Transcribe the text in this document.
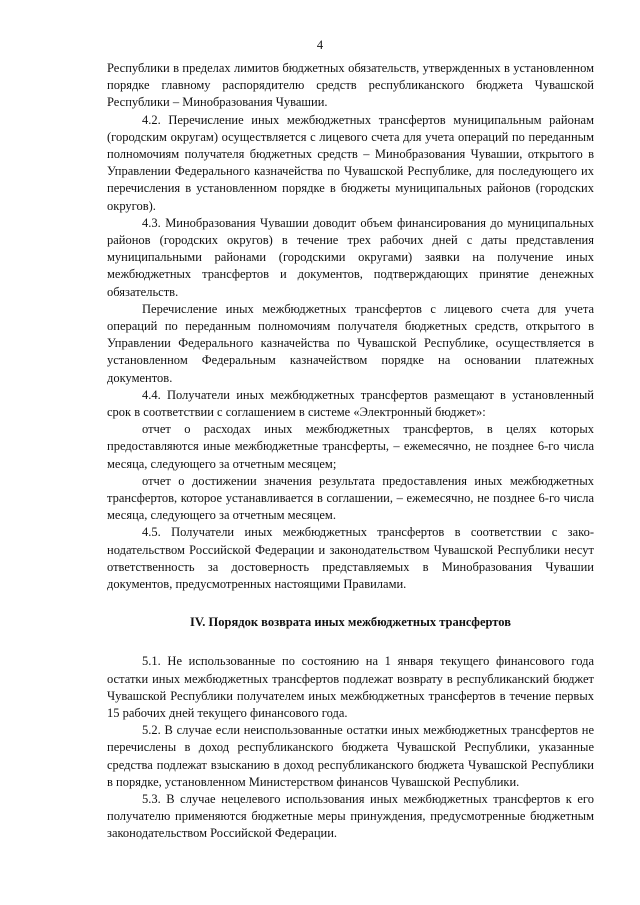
4

Республики в пределах лимитов бюджетных обязательств, утвержденных в установленном порядке главному распорядителю средств республиканского бюджета Чувашской Республики – Минобразования Чувашии.

4.2. Перечисление иных межбюджетных трансфертов муниципальным районам (городским округам) осуществляется с лицевого счета для учета операций по переданным полномочиям получателя бюджетных средств – Минобразования Чувашии, открытого в Управлении Федерального казначейства по Чувашской Республике, для последующего их перечисления в установленном порядке в бюджеты муниципальных районов (городских округов).

4.3. Минобразования Чувашии доводит объем финансирования до муниципальных районов (городских округов) в течение трех рабочих дней с даты представления муниципальными районами (городскими округами) заявки на получение иных межбюджетных трансфертов и документов, подтверждающих принятие денежных обязательств.

Перечисление иных межбюджетных трансфертов с лицевого счета для учета операций по переданным полномочиям получателя бюджетных средств, открытого в Управлении Федерального казначейства по Чувашской Республике, осуществляется в установленном Федеральным казначейством порядке на основании платежных документов.

4.4. Получатели иных межбюджетных трансфертов размещают в установленный срок в соответствии с соглашением в системе «Электронный бюджет»:

отчет о расходах иных межбюджетных трансфертов, в целях которых предоставляются иные межбюджетные трансферты, – ежемесячно, не позднее 6-го числа месяца, следующего за отчетным месяцем;

отчет о достижении значения результата предоставления иных межбюджетных трансфертов, которое устанавливается в соглашении, – ежемесячно, не позднее 6-го числа месяца, следующего за отчетным месяцем.

4.5. Получатели иных межбюджетных трансфертов в соответствии с законодательством Российской Федерации и законодательством Чувашской Республики несут ответственность за достоверность представляемых в Минобразования Чувашии документов, предусмотренных настоящими Правилами.

IV. Порядок возврата иных межбюджетных трансфертов

5.1. Не использованные по состоянию на 1 января текущего финансового года остатки иных межбюджетных трансфертов подлежат возврату в республиканский бюджет Чувашской Республики получателем иных межбюджетных трансфертов в течение первых 15 рабочих дней текущего финансового года.

5.2. В случае если неиспользованные остатки иных межбюджетных трансфертов не перечислены в доход республиканского бюджета Чувашской Республики, указанные средства подлежат взысканию в доход республиканского бюджета Чувашской Республики в порядке, установленном Министерством финансов Чувашской Республики.

5.3. В случае нецелевого использования иных межбюджетных трансфертов к его получателю применяются бюджетные меры принуждения, предусмотренные бюджетным законодательством Российской Федерации.
